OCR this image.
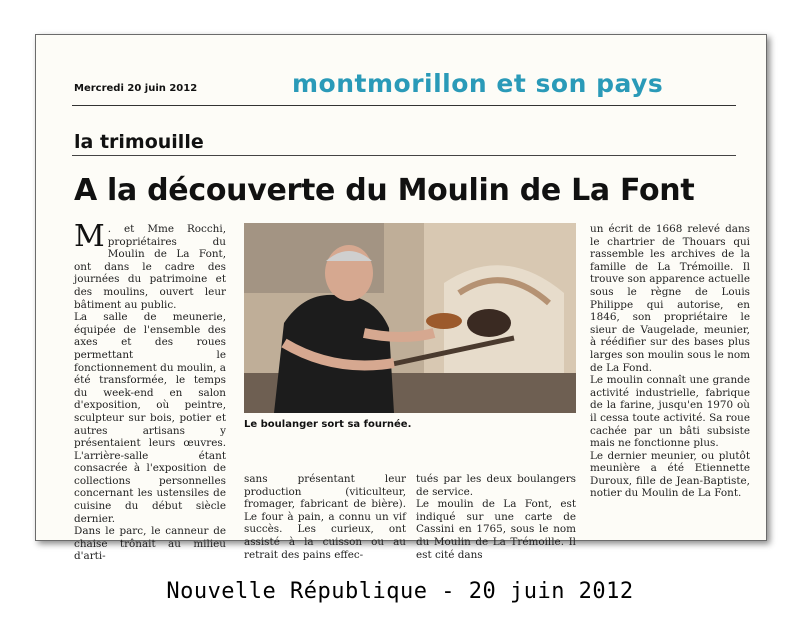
Mercredi 20 juin 2012	montmorillon et son pays
la trimouille
A la découverte du Moulin de La Font

M . et Mme Rocchi, propriétaires du Moulin de La Font, ont dans le cadre des journées du patrimoine et des moulins, ouvert leur bâtiment au public.

La salle de meunerie, équipée de l'ensemble des axes et des roues permettant le fonctionnement du moulin, a été transformée, le temps du week-end en salon d'exposition, où peintre, sculpteur sur bois, potier et autres artisans y présentaient leurs œuvres. L'arrière-salle étant consacrée à l'exposition de collections personnelles concernant les ustensiles de cuisine du début siècle dernier.

Dans le parc, le canneur de chaise trônait au milieu d'arti-

Le boulanger sort sa fournée.

sans présentant leur production (viticulteur, fromager, fabricant de bière). Le four à pain, a connu un vif succès. Les curieux, ont assisté à la cuisson ou au retrait des pains effec-

tués par les deux boulangers de service.

Le moulin de La Font, est indiqué sur une carte de Cassini en 1765, sous le nom du Moulin de La Trémoille. Il est cité dans

un écrit de 1668 relevé dans le chartrier de Thouars qui rassemble les archives de la famille de La Trémoille. Il trouve son apparence actuelle sous le règne de Louis Philippe qui autorise, en 1846, son propriétaire le sieur de Vaugelade, meunier, à réédifier sur des bases plus larges son moulin sous le nom de La Fond.

Le moulin connaît une grande activité industrielle, fabrique de la farine, jusqu'en 1970 où il cessa toute activité. Sa roue cachée par un bâti subsiste mais ne fonctionne plus.

Le dernier meunier, ou plutôt meunière a été Etiennette Duroux, fille de Jean-Baptiste, notier du Moulin de La Font.

Nouvelle République - 20 juin 2012
